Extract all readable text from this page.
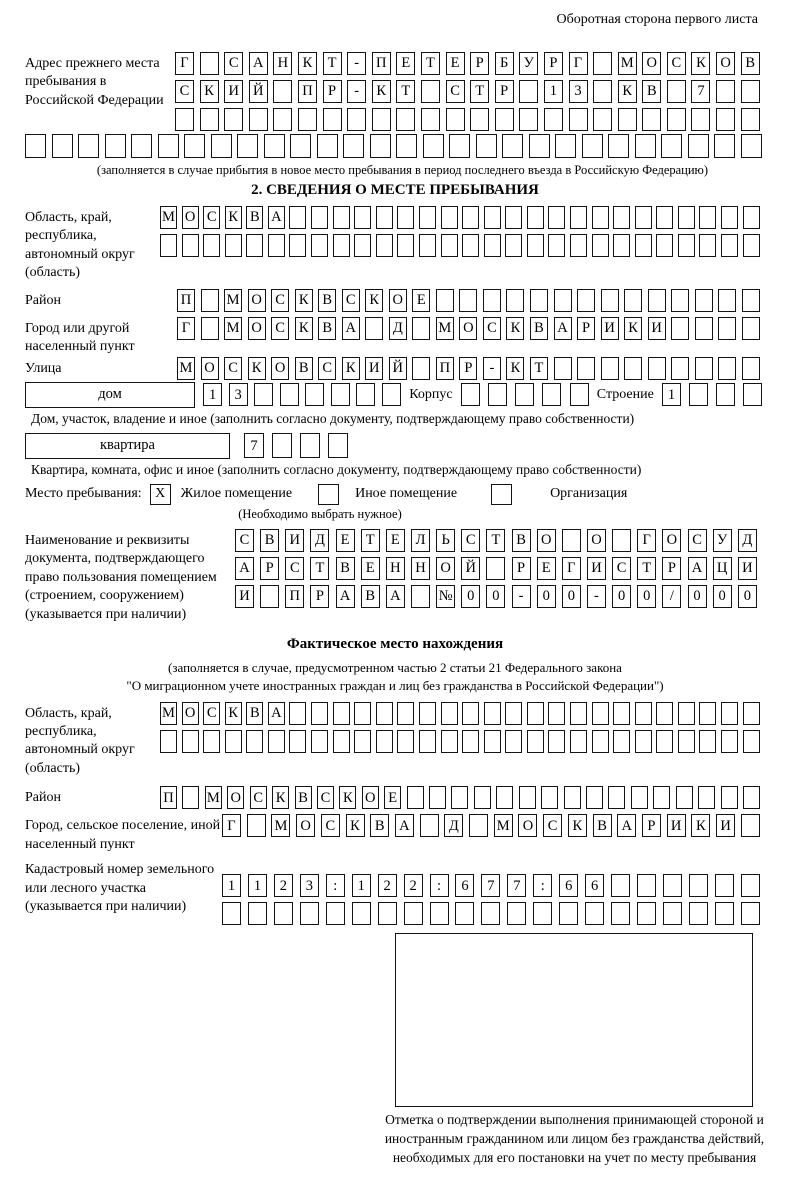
Оборотная сторона первого листа
Адрес прежнего места пребывания в Российской Федерации
Г	С	А Н	К	Т	-	П	Е	Т	Е	Р	Б	У	Р	Г	М О	С	К	О	В
С	К	И Й	П	Р	-	К	Т	С	Т	Р	1	3	К	В	7
(заполняется в случае прибытия в новое место пребывания в период последнего въезда в Российскую Федерацию)
2. СВЕДЕНИЯ О МЕСТЕ ПРЕБЫВАНИЯ
Область, край, республика, автономный округ (область)
М О С К В А
Район	П М О С К В С К О Е
Город или другой населенный пункт
Г	М О С К В А	Д М О С К В А Р И К И
Улица	М О С К О В С К И Й	П Р	-	К Т
дом	1	3	Корпус	Строение 1
Дом, участок, владение и иное (заполнить согласно документу, подтверждающему право собственности)
квартира	7
Квартира, комната, офис и иное (заполнить согласно документу, подтверждающему право собственности)
Место пребывания: X	Жилое помещение	Иное помещение	Организация
(Необходимо выбрать нужное)
Наименование и реквизиты документа, подтверждающего право пользования помещением (строением, сооружением) (указывается при наличии)
С	В	И	Д	Е	Т	Е	Л	Ь	С	Т	В	О	О	Г	О	С	У	Д
А	Р	С	Т	В	Е	Н Н О Й	Р	Е	Г	И	С	Т	Р	А Ц И
И	П	Р	А	В	А	№	0	0	-	0	0	-	0	0	/	0	0	0
Фактическое место нахождения
(заполняется в случае, предусмотренном частью 2 статьи 21 Федерального закона
"О миграционном учете иностранных граждан и лиц без гражданства в Российской Федерации")
Область, край, республика, автономный округ (область)
М О С К В А
Район	П М О С К В С К О Е
Город, сельское поселение, иной населенный пункт
Г	М О	С	К	В	А	Д	М О	С	К	В	А	Р	И	К	И
Кадастровый номер земельного или лесного участка (указывается при наличии)
1	1	2	3	:	1	2	2	:	6	7	7	:	6	6
Отметка о подтверждении выполнения принимающей стороной и иностранным гражданином или лицом без гражданства действий, необходимых для его постановки на учет по месту пребывания
